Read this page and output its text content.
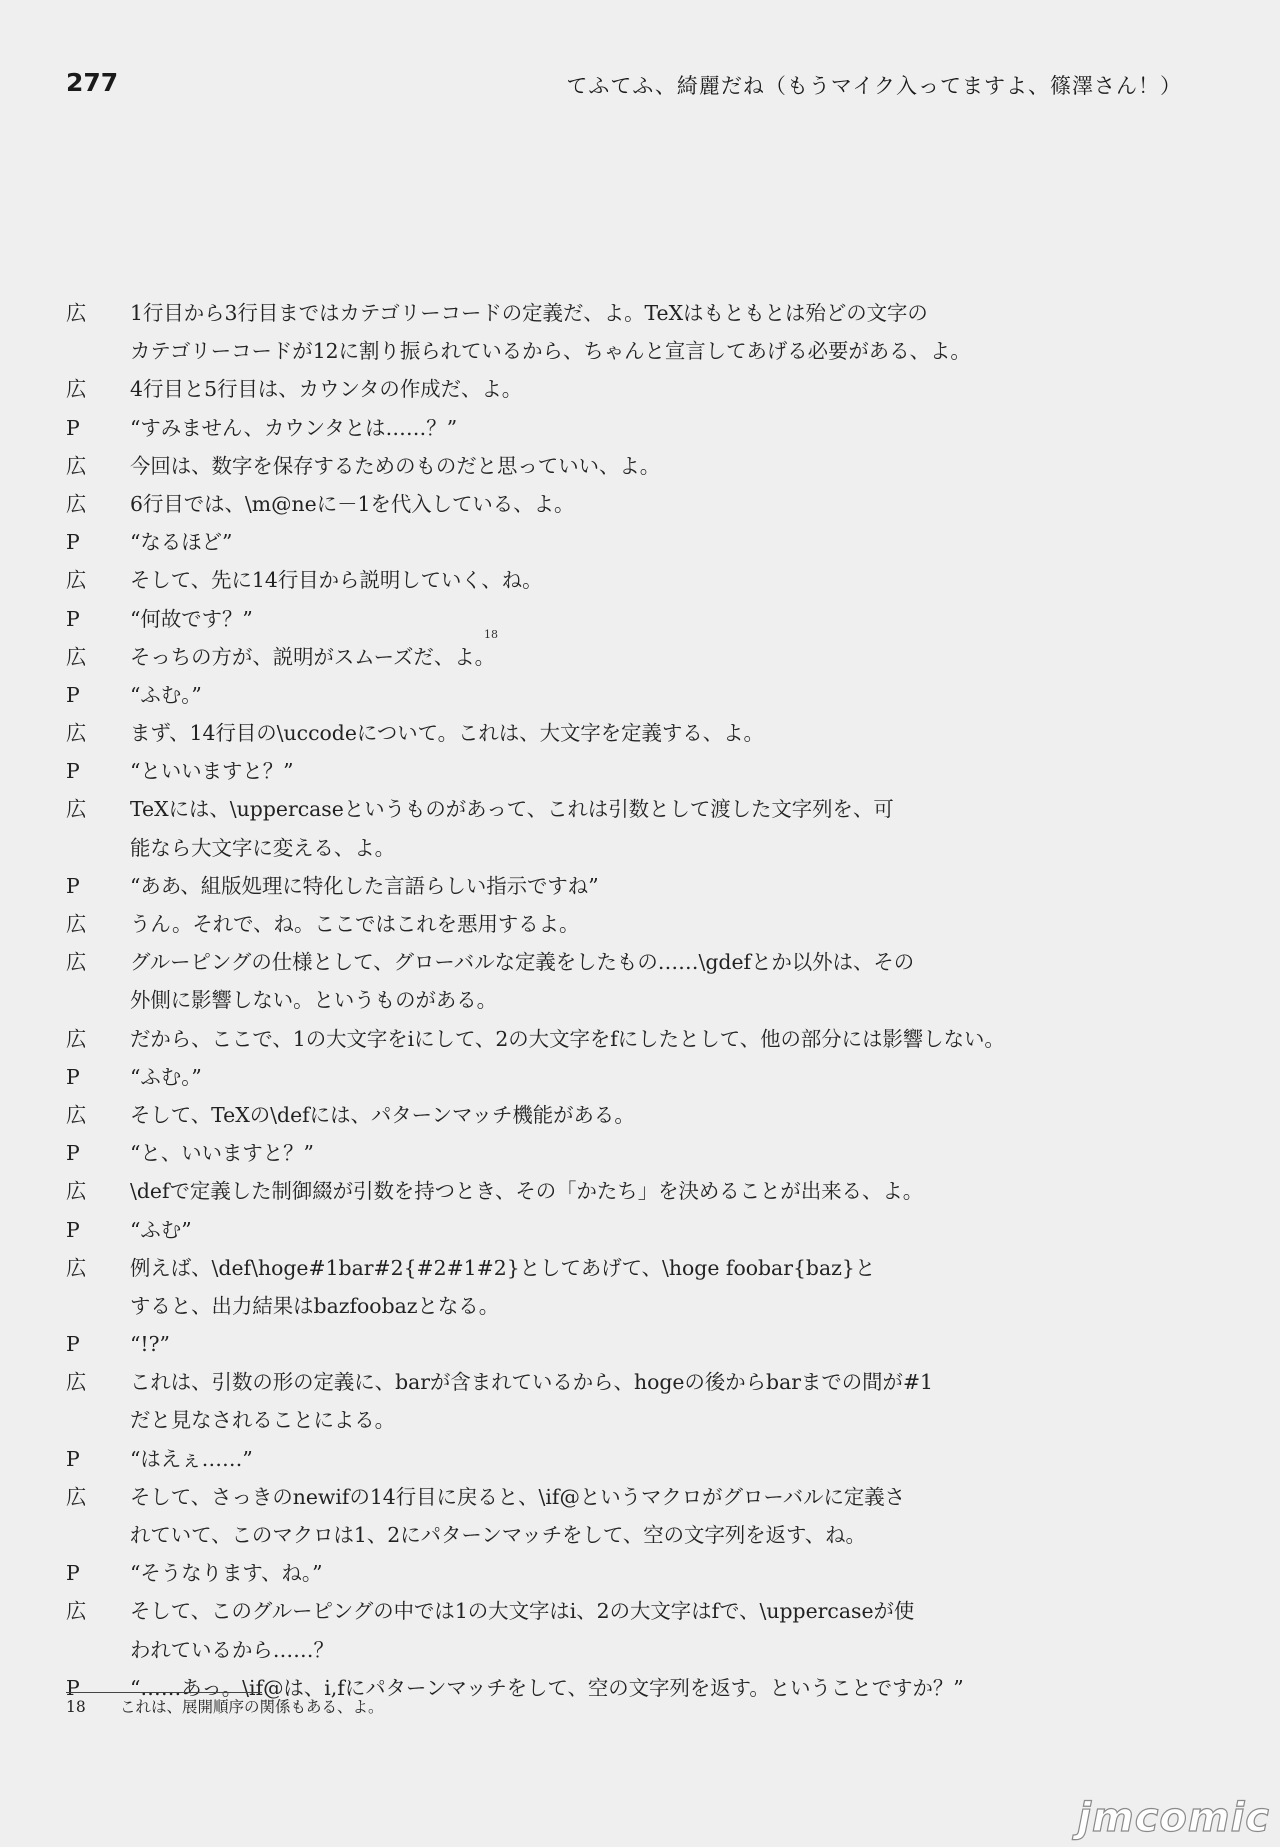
277	てふてふ、綺麗だね（もうマイク入ってますよ、篠澤さん！）
広	1行目から3行目まではカテゴリーコードの定義だ、よ。TeXはもともとは殆どの文字の
カテゴリーコードが12に割り振られているから、ちゃんと宣言してあげる必要がある、よ。
広	4行目と5行目は、カウンタの作成だ、よ。
P	“すみません、カウンタとは……？”
広	今回は、数字を保存するためのものだと思っていい、よ。
広	6行目では、\m@neに－1を代入している、よ。
P	“なるほど”
広	そして、先に14行目から説明していく、ね。
P	“何故です？”
広	そっちの方が、説明がスムーズだ、よ。
P	“ふむ。”
広	まず、14行目の\uccodeについて。これは、大文字を定義する、よ。
P	“といいますと？”
広	TeXには、\uppercaseというものがあって、これは引数として渡した文字列を、可
能なら大文字に変える、よ。
P	“ああ、組版処理に特化した言語らしい指示ですね”
広	うん。それで、ね。ここではこれを悪用するよ。
広	グルーピングの仕様として、グローバルな定義をしたもの……\gdefとか以外は、その
外側に影響しない。というものがある。
広	だから、ここで、1の大文字をiにして、2の大文字をfにしたとして、他の部分には影響しない。
P	“ふむ。”
広	そして、TeXの\defには、パターンマッチ機能がある。
P	“と、いいますと？”
広	\defで定義した制御綴が引数を持つとき、その「かたち」を決めることが出来る、よ。
P	“ふむ”
広	例えば、\def\hoge#1bar#2{#2#1#2}としてあげて、\hoge foobar{baz}と
すると、出力結果はbazfoobazとなる。
P	“!?”
広	これは、引数の形の定義に、barが含まれているから、hogeの後からbarまでの間が#1
だと見なされることによる。
P	“はえぇ……”
広	そして、さっきのnewifの14行目に戻ると、\if@というマクロがグローバルに定義さ
れていて、このマクロは1、2にパターンマッチをして、空の文字列を返す、ね。
P	“そうなります、ね。”
広	そして、このグルーピングの中では1の大文字はi、2の大文字はfで、\uppercaseが使
われているから……？
P	“……あっ。\if@は、i,fにパターンマッチをして、空の文字列を返す。ということですか？”
18
18 これは、展開順序の関係もある、よ。
jmcomic
